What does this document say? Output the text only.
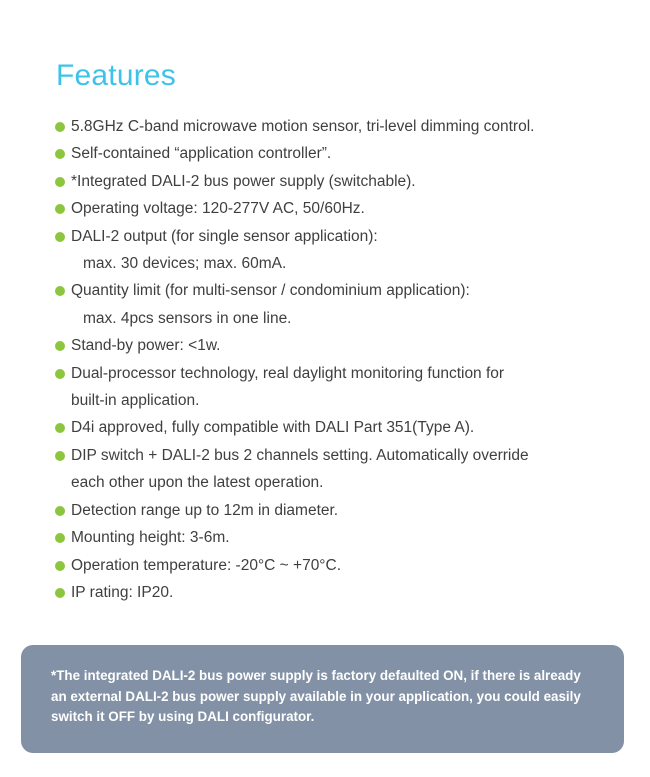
Features
5.8GHz C-band microwave motion sensor, tri-level dimming control.
Self-contained “application controller”.
*Integrated DALI-2 bus power supply (switchable).
Operating voltage: 120-277V AC, 50/60Hz.
DALI-2 output (for single sensor application):
max. 30 devices; max. 60mA.
Quantity limit (for multi-sensor / condominium application):
max. 4pcs sensors in one line.
Stand-by power: <1w.
Dual-processor technology, real daylight monitoring function for
built-in application.
D4i approved, fully compatible with DALI Part 351(Type A).
DIP switch + DALI-2 bus 2 channels setting. Automatically override
each other upon the latest operation.
Detection range up to 12m in diameter.
Mounting height: 3-6m.
Operation temperature: -20°C ~ +70°C.
IP rating: IP20.

*The integrated DALI-2 bus power supply is factory defaulted ON, if there is already
an external DALI-2 bus power supply available in your application, you could easily
switch it OFF by using DALI configurator.
